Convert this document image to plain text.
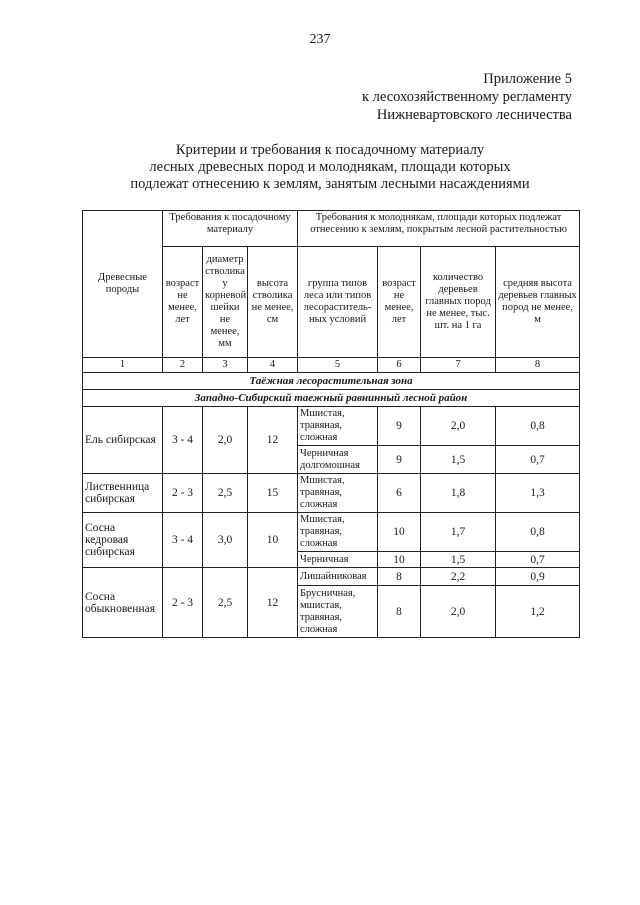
237
Приложение 5
к лесохозяйственному регламенту
Нижневартовского лесничества
Критерии и требования к посадочному материалу
лесных древесных пород и молоднякам, площади которых
подлежат отнесению к землям, занятым лесными насаждениями
Древесные породы	Требования к посадочному материалу			Требования к молоднякам, площади которых подлежат отнесению к землям, покрытым лесной растительностью			
	возраст не менее, лет	диаметр стволика у корневой шейки не менее, мм	высота стволика не менее, см	группа типов леса или типов лесораститель-ных условий	возраст не менее, лет	количество деревьев главных пород не менее, тыс. шт. на 1 га	средняя высота деревьев главных пород не менее, м
1	2	3	4	5	6	7	8
Таёжная лесорастительная зона							
Западно-Сибирский таежный равнинный лесной район							
Ель сибирская	3 - 4	2,0	12	Мшистая, травяная, сложная	9	2,0	0,8
				Черничная долгомошная	9	1,5	0,7
Лиственница сибирская	2 - 3	2,5	15	Мшистая, травяная, сложная	6	1,8	1,3
Сосна кедровая сибирская	3 - 4	3,0	10	Мшистая, травяная, сложная	10	1,7	0,8
				Черничная	10	1,5	0,7
Сосна обыкновенная	2 - 3	2,5	12	Лишайниковая	8	2,2	0,9
				Брусничная, мшистая, травяная, сложная	8	2,0	1,2
